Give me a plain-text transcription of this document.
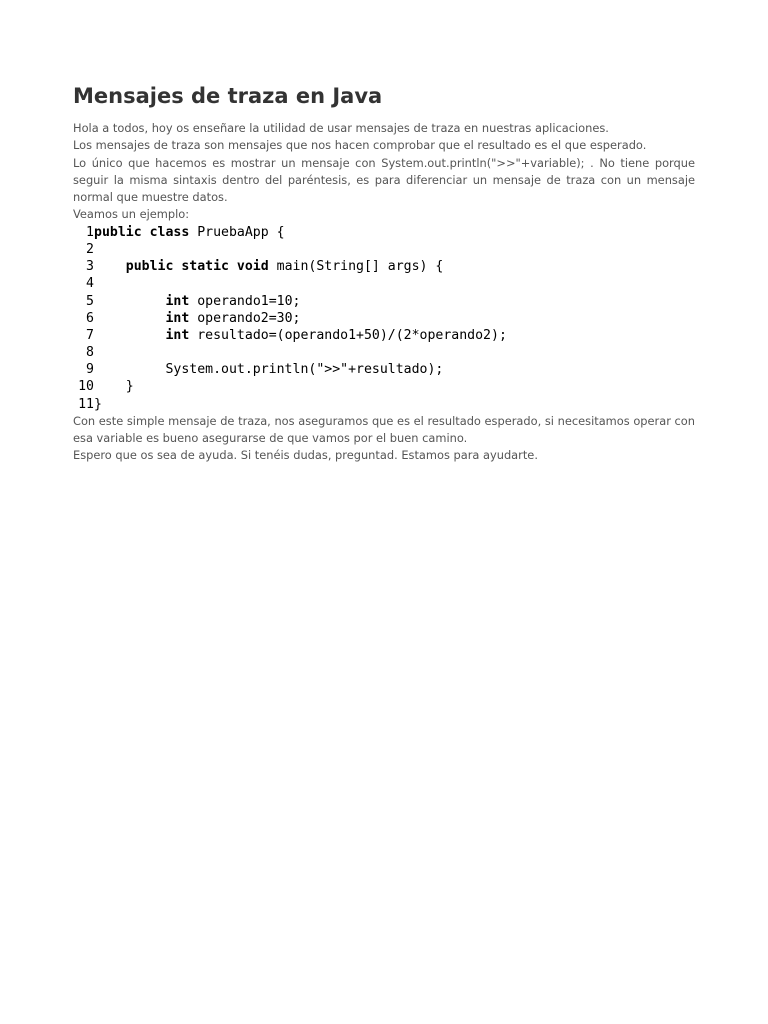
Mensajes de traza en Java

Hola a todos, hoy os enseñare la utilidad de usar mensajes de traza en nuestras aplicaciones.

Los mensajes de traza son mensajes que nos hacen comprobar que el resultado es el que esperado.

Lo único que hacemos es mostrar un mensaje con System.out.println(">>"+variable); . No tiene porque seguir la misma sintaxis dentro del paréntesis, es para diferenciar un mensaje de traza con un mensaje normal que muestre datos.

Veamos un ejemplo:

1public class PruebaApp {
2
3 public static void main(String[] args) {
4
5	int operando1=10;
6	int operando2=30;
7	int resultado=(operando1+50)/(2*operando2);
8
9	System.out.println(">>"+resultado);
10 }
11}

Con este simple mensaje de traza, nos aseguramos que es el resultado esperado, si necesitamos operar con esa variable es bueno asegurarse de que vamos por el buen camino.

Espero que os sea de ayuda. Si tenéis dudas, preguntad. Estamos para ayudarte.
